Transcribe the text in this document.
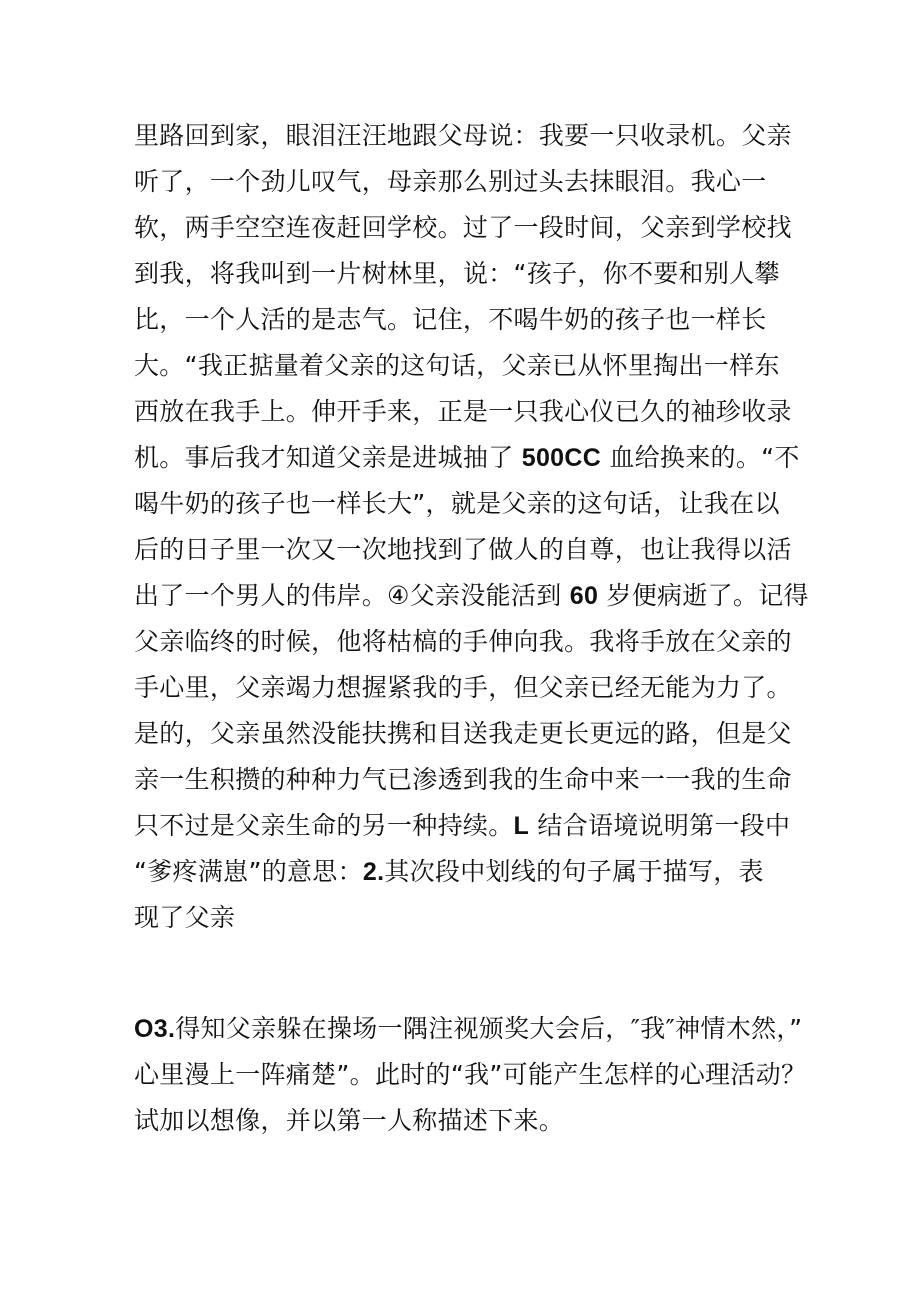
里路回到家，眼泪汪汪地跟父母说：我要一只收录机。父亲
听了，一个劲儿叹气，母亲那么别过头去抹眼泪。我心一
软，两手空空连夜赶回学校。过了一段时间，父亲到学校找
到我，将我叫到一片树林里，说：“孩子，你不要和别人攀
比，一个人活的是志气。记住，不喝牛奶的孩子也一样长
大。“我正掂量着父亲的这句话，父亲已从怀里掏出一样东
西放在我手上。伸开手来，正是一只我心仪已久的袖珍收录
机。事后我才知道父亲是进城抽了 500CC 血给换来的。“不
喝牛奶的孩子也一样长大”，就是父亲的这句话，让我在以
后的日子里一次又一次地找到了做人的自尊，也让我得以活
出了一个男人的伟岸。④父亲没能活到 60 岁便病逝了。记得
父亲临终的时候，他将枯槁的手伸向我。我将手放在父亲的
手心里，父亲竭力想握紧我的手，但父亲已经无能为力了。
是的，父亲虽然没能扶携和目送我走更长更远的路，但是父
亲一生积攒的种种力气已渗透到我的生命中来一一我的生命
只不过是父亲生命的另一种持续。L 结合语境说明第一段中
“爹疼满崽”的意思：2.其次段中划线的句子属于描写，表
现了父亲
O3.得知父亲躲在操场一隅注视颁奖大会后，″我″神情木然，”
心里漫上一阵痛楚”。此时的“我”可能产生怎样的心理活动？
试加以想像，并以第一人称描述下来。
